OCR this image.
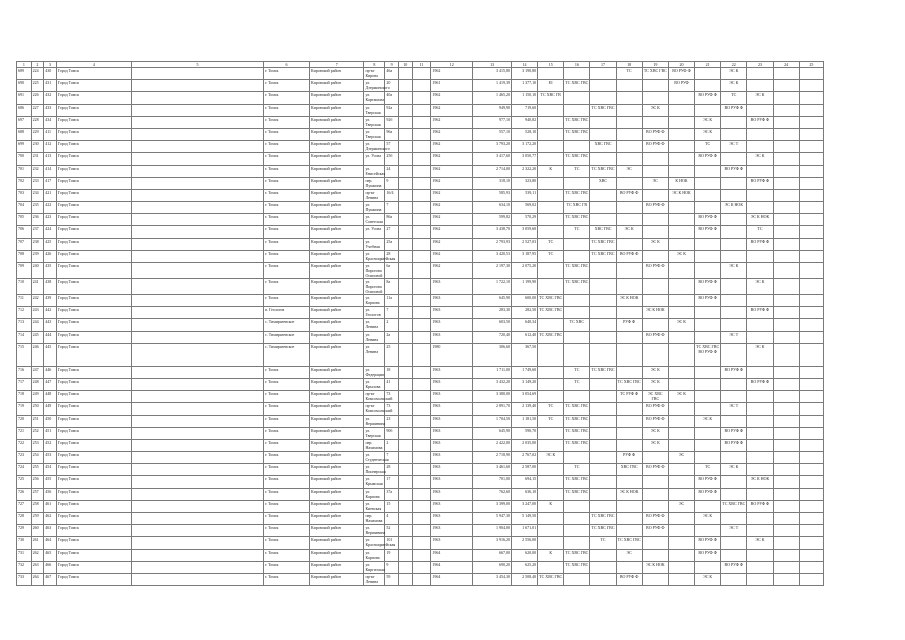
1	2	3	4	5	6	7	8	9	10	11	12	13	14	15	16	17	18	19	20	21	22	23	24	25
689	224	430	Город Томск		г. Томск	Кировский район	пр-кт Кирова	46а			1962	3 415,80	3 190,80				ТС	ТС ХВС ГВС	ВО РУФ Ф		ЭС К			
690	225	431	Город Томск		г. Томск	Кировский район	ул. Дзержинского	20			1961	1 419,39	1 377,10	ЕI	ТС ХВС ГВС				ВО РУФ		ЭС К			
691	226	432	Город Томск		г. Томск	Кировский район	ул. Карташова	40а			1962	1 465,20	1 150,10	ТС ХВС ГВ						ВО РУФ Ф	ТС	ЭС К		
686	227	433	Город Томск		г. Томск	Кировский район	ул. Тверская	92а			1962	949,90	719,60			ТС ХВС ГВС		ЭС К			ВО РУФ Ф			
697	228	434	Город Томск		г. Томск	Кировский район	ул. Тверская	92б			1962	977,10	940,82		ТС ХВС ГВС					ЭС К		ВО РУФ Ф		
688	229	411	Город Томск		г. Томск	Кировский район	ул. Тверская	96а			1962	557,10	528,10		ТС ХВС ГВС			ВО РУФ Ф		ЭС К				
699	230	412	Город Томск		г. Томск	Кировский район	ул. Дзержинского	57			1962	3 793,20	3 172,20			ХВС ГВС		ВО РУФ Ф		ТС	ЭС Т			
700	231	413	Город Томск		г. Томск	Кировский район	ул. Усова	25б			1962	3 417,60	3 050,77		ТС ХВС ГВС					ВО РУФ Ф		ЭС К		
701	232	414	Город Томск		г. Томск	Кировский район	ул. Енисейская	24			1962	2 714,00	2 322,20	К	ТС	ТС ХВС ГВС	ЭС				ВО РУФ Ф			
702	233	417	Город Томск		г. Томск	Кировский район	пер. Пушкина	9			1962	318,10	323,80			ХВС		ЭС	К НОК			ВО РУФ Ф		
703	234	421	Город Томск		г. Томск	Кировский район	пр-кт Ленина	16/4			1962	585,93	539,11		ТС ХВС ГВС		ВО РУФ Ф		ЭС К НОК					
704	235	422	Город Томск		г. Томск	Кировский район	ул. Пушкина	7			1962	634,10	569,02		ТС ХВС ГВ			ВО РУФ Ф			ЭС К НОК			
705	236	423	Город Томск		г. Томск	Кировский район	ул. Советская	86а			1962	599,82	570,29		ТС ХВС ГВС					ВО РУФ Ф		ЭС К НОК		
706	237	424	Город Томск		г. Томск	Кировский район	ул. Усова	27			1962	3 438,70	3 059,60		ТС	ХВС ГВС	ЭС К			ВО РУФ Ф		ТС		
707	238	425	Город Томск		г. Томск	Кировский район	ул. Учебная	25а			1962	2 793,93	2 527,03	ТС		ТС ХВС ГВС		ЭС К				ВО РУФ Ф		
708	239	426	Город Томск		г. Томск	Кировский район	ул. Красноармейская	28			1962	3 420,53	3 187,95	ТС		ТС ХВС ГВС	ВО РУФ Ф		ЭС К					
709	240	435	Город Томск		г. Томск	Кировский район	ул. Пирогова Осиповой	6а			1962	2 197,30	2 075,20		ТС ХВС ГВС			ВО РУФ Ф			ЭС К			
710	241	438	Город Томск		г. Томск	Кировский район	ул. Пирогова Осиповой	8а			1963	1 722,10	1 199,90		ТС ХВС ГВС					ВО РУФ Ф		ЭС К		
711	242	439	Город Томск		г. Томск	Кировский район	ул. Карпова	11а			1963	645,90	600,00	ТС ХВС ГВС			ЭС К НОК			ВО РУФ Ф				
712	243	442	Город Томск		п. Геологов	Кировский район	ул. Геологов	7			1963	283,30	282,50	ТС ХВС ГВС				ЭС К НОК				ВО РУФ Ф		
713	244	443	Город Томск		с. Тимирязевское	Кировский район	ул. Ленина	2			1963	603,50	640,34		ТС ХВС		РУФ Ф		ЭС К					
714	245	444	Город Томск		с. Тимирязевское	Кировский район	ул. Ленина	2а			1963	720,40	612,40	ТС ХВС ГВС				ВО РУФ Ф			ЭС Т			
715	246	445	Город Томск		с. Тимирязевское	Кировский район	ул. Ленина	25			1980	306,60	367,50							ТС ХВС ГВС ВО РУФ Ф		ЭС К		
716	247	446	Город Томск		г. Томск	Кировский район	ул. Федерации	18			1963	1 711,00	1 749,60		ТС	ТС ХВС ГВС		ЭС К			ВО РУФ Ф			
717	248	447	Город Томск		г. Томск	Кировский район	ул. Крылова	41			1963	3 432,20	3 149,20		ТС		ТС ХВС ГВС	ЭС К				ВО РУФ Ф		
718	249	448	Город Томск		г. Томск	Кировский район	пр-кт Комсомольский	73			1963	3 380,00	3 054,69				ТС РУФ Ф	ЭС ХВС ГВС	ЭС К					
719	250	449	Город Томск		г. Томск	Кировский район	пр-кт Комсомольский	73			1963	2 891,70	2 139,40	ТС	ТС ХВС ГВС			ВО РУФ Ф			ЭС Т			
720	251	450	Город Томск		г. Томск	Кировский район	ул. Вершинина	23			1963	1 704,50	1 181,50	ТС	ТС ХВС ГВС			ВО РУФ Ф		ЭС К				
721	252	451	Город Томск		г. Томск	Кировский район	ул. Тверская	90б			1963	645,90	590,70		ТС ХВС ГВС			ЭС К			ВО РУФ Ф			
722	253	452	Город Томск		г. Томск	Кировский район	пер. Нахимова	2			1963	2 422,00	2 035,00		ТС ХВС ГВС			ЭС К			ВО РУФ Ф			
723	254	453	Город Томск		г. Томск	Кировский район	ул. Студенческая	7			1963	2 718,90	2 767,02	ЭС К			РУФ Ф		ЭС					
724	255	454	Город Томск		г. Томск	Кировский район	ул. Пионерская	28			1963	3 461,60	2 587,00		ТС		ХВС ГВС	ВО РУФ Ф		ТС	ЭС К			
725	256	455	Город Томск		г. Томск	Кировский район	ул. Крымская	17			1963	701,00	694,15		ТС ХВС ГВС					ВО РУФ Ф		ЭС К НОК		
726	257	456	Город Томск		г. Томск	Кировский район	ул. Карпова	37а			1963	762,60	636,10		ТС ХВС ГВС		ЭС К НОК			ВО РУФ Ф				
727	258	461	Город Томск		г. Томск	Кировский район	ул. Киевская	15			1963	3 399,00	3 247,00	К					ЭС		ТС ХВС ГВС	ВО РУФ Ф		
728	259	462	Город Томск		г. Томск	Кировский район	пер. Нахимова	4			1963	5 947,30	5 149,50			ТС ХВС ГВС		ВО РУФ Ф		ЭС К				
729	260	463	Город Томск		г. Томск	Кировский район	ул. Вершинина	52			1963	1 904,00	1 671,01			ТС ХВС ГВС		ВО РУФ Ф			ЭС Т			
730	261	464	Город Томск		г. Томск	Кировский район	ул. Красноармейская	101			1963	3 916,20	2 556,00			ТС	ТС ХВС ГВС			ВО РУФ Ф		ЭС К		
731	262	465	Город Томск		г. Томск	Кировский район	ул. Карпова	19			1964	667,00	620,00	К	ТС ХВС ГВС		ЭС			ВО РУФ Ф				
732	263	466	Город Томск		г. Томск	Кировский район	ул. Киргизская	9			1964	690,20	625,20		ТС ХВС ГВС			ЭС К НОК			ВО РУФ Ф			
733	264	467	Город Томск		г. Томск	Кировский район	пр-кт Ленина	59			1964	3 454,30	2 508,40	ТС ХВС ГВС			ВО РУФ Ф			ЭС К				
